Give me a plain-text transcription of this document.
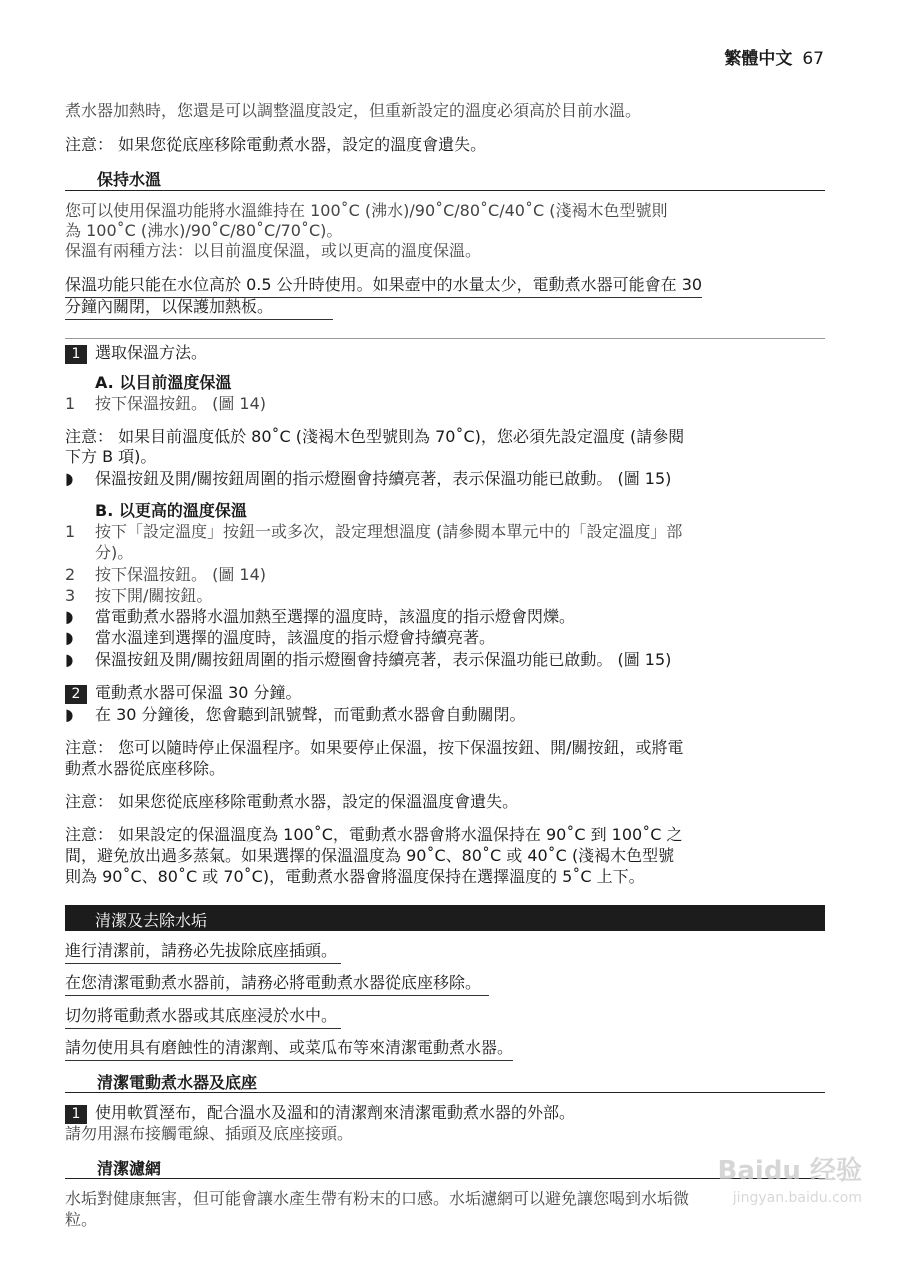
繁體中文 67
煮水器加熱時，您還是可以調整溫度設定，但重新設定的溫度必須高於目前水溫。
注意： 如果您從底座移除電動煮水器，設定的溫度會遺失。
保持水溫
您可以使用保溫功能將水溫維持在 100˚C (沸水)/90˚C/80˚C/40˚C (淺褐木色型號則
為 100˚C (沸水)/90˚C/80˚C/70˚C)。
保溫有兩種方法：以目前溫度保溫，或以更高的溫度保溫。
保溫功能只能在水位高於 0.5 公升時使用。如果壺中的水量太少，電動煮水器可能會在 30
分鐘內關閉，以保護加熱板。
1 選取保溫方法。
A. 以目前溫度保溫
1 按下保溫按鈕。 (圖 14)
注意： 如果目前溫度低於 80˚C (淺褐木色型號則為 70˚C)，您必須先設定溫度 (請參閱
下方 B 項)。
◗ 保溫按鈕及開/關按鈕周圍的指示燈圈會持續亮著，表示保溫功能已啟動。 (圖 15)
B. 以更高的溫度保溫
1 按下「設定溫度」按鈕一或多次，設定理想溫度 (請參閱本單元中的「設定溫度」部
分)。
2 按下保溫按鈕。 (圖 14)
3 按下開/關按鈕。
◗ 當電動煮水器將水溫加熱至選擇的溫度時，該溫度的指示燈會閃爍。
◗ 當水溫達到選擇的溫度時，該溫度的指示燈會持續亮著。
◗ 保溫按鈕及開/關按鈕周圍的指示燈圈會持續亮著，表示保溫功能已啟動。 (圖 15)
2 電動煮水器可保溫 30 分鐘。
◗ 在 30 分鐘後，您會聽到訊號聲，而電動煮水器會自動關閉。
注意： 您可以隨時停止保溫程序。如果要停止保溫，按下保溫按鈕、開/關按鈕，或將電
動煮水器從底座移除。
注意： 如果您從底座移除電動煮水器，設定的保溫溫度會遺失。
注意： 如果設定的保溫溫度為 100˚C，電動煮水器會將水溫保持在 90˚C 到 100˚C 之
間，避免放出過多蒸氣。如果選擇的保溫溫度為 90˚C、80˚C 或 40˚C (淺褐木色型號
則為 90˚C、80˚C 或 70˚C)，電動煮水器會將溫度保持在選擇溫度的 5˚C 上下。
清潔及去除水垢
進行清潔前，請務必先拔除底座插頭。
在您清潔電動煮水器前，請務必將電動煮水器從底座移除。
切勿將電動煮水器或其底座浸於水中。
請勿使用具有磨蝕性的清潔劑、或菜瓜布等來清潔電動煮水器。
清潔電動煮水器及底座
1 使用軟質溼布，配合溫水及溫和的清潔劑來清潔電動煮水器的外部。
請勿用濕布接觸電線、插頭及底座接頭。
清潔濾網
水垢對健康無害，但可能會讓水產生帶有粉末的口感。水垢濾網可以避免讓您喝到水垢微
粒。
Baidu 经验
jingyan.baidu.com
